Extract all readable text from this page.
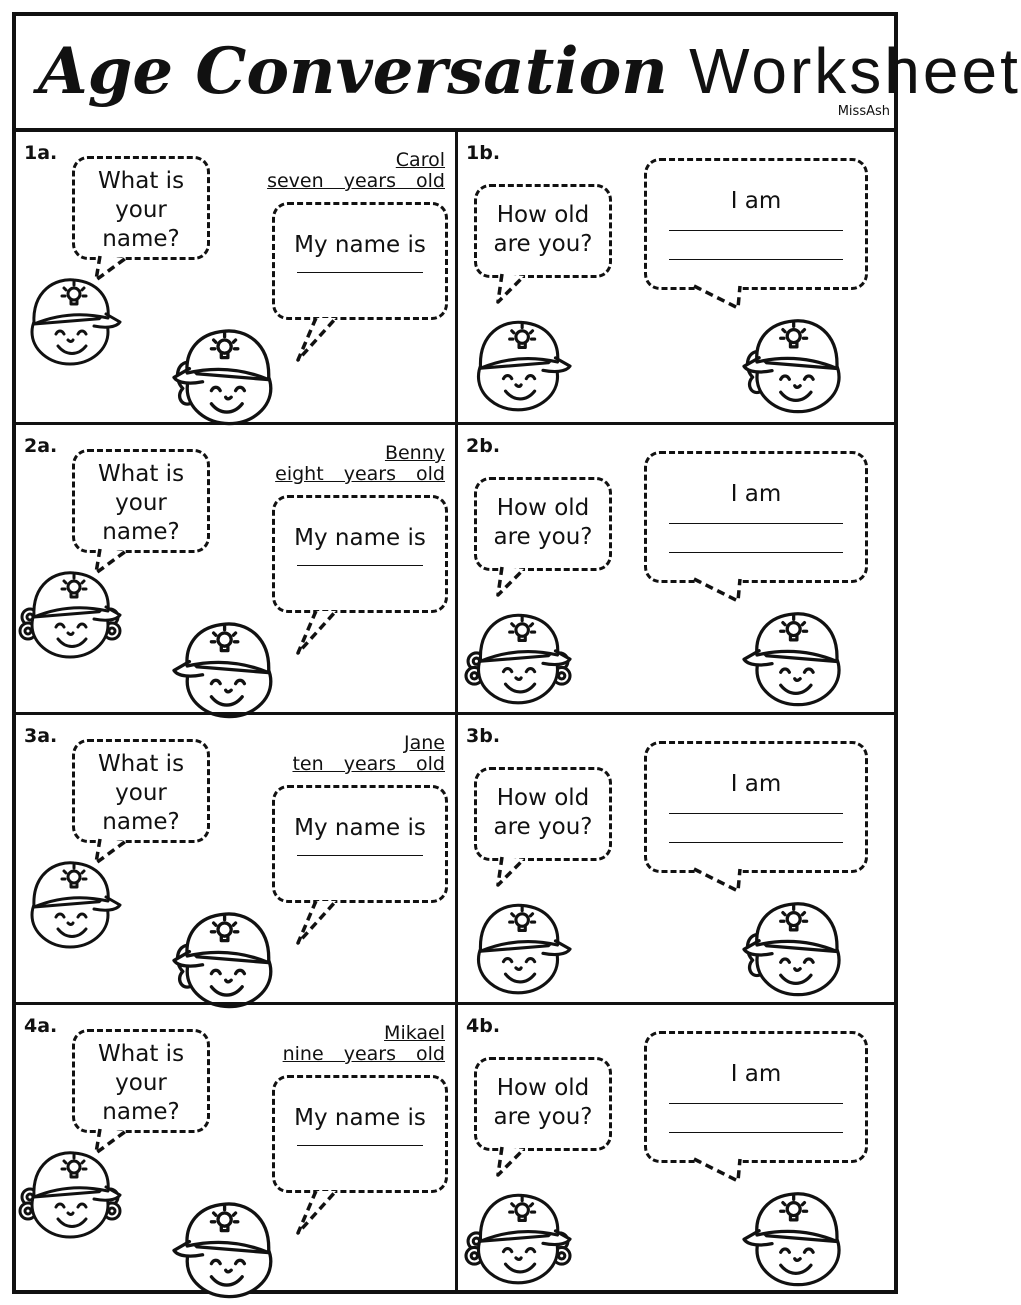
Age Conversation Worksheet
MissAsh
1a.	Carol
seven years old
What is
your
name?	My name is
1b.
How old
are you?
I am
2a.	Benny
eight years old
What is
your
name?	My name is
2b.
How old
are you?
I am
3a.	Jane
ten years old
What is
your
name?	My name is
3b.
How old
are you?
I am
4a.	Mikael
nine years old
What is
your
name?	My name is
4b.
How old
are you?
I am
